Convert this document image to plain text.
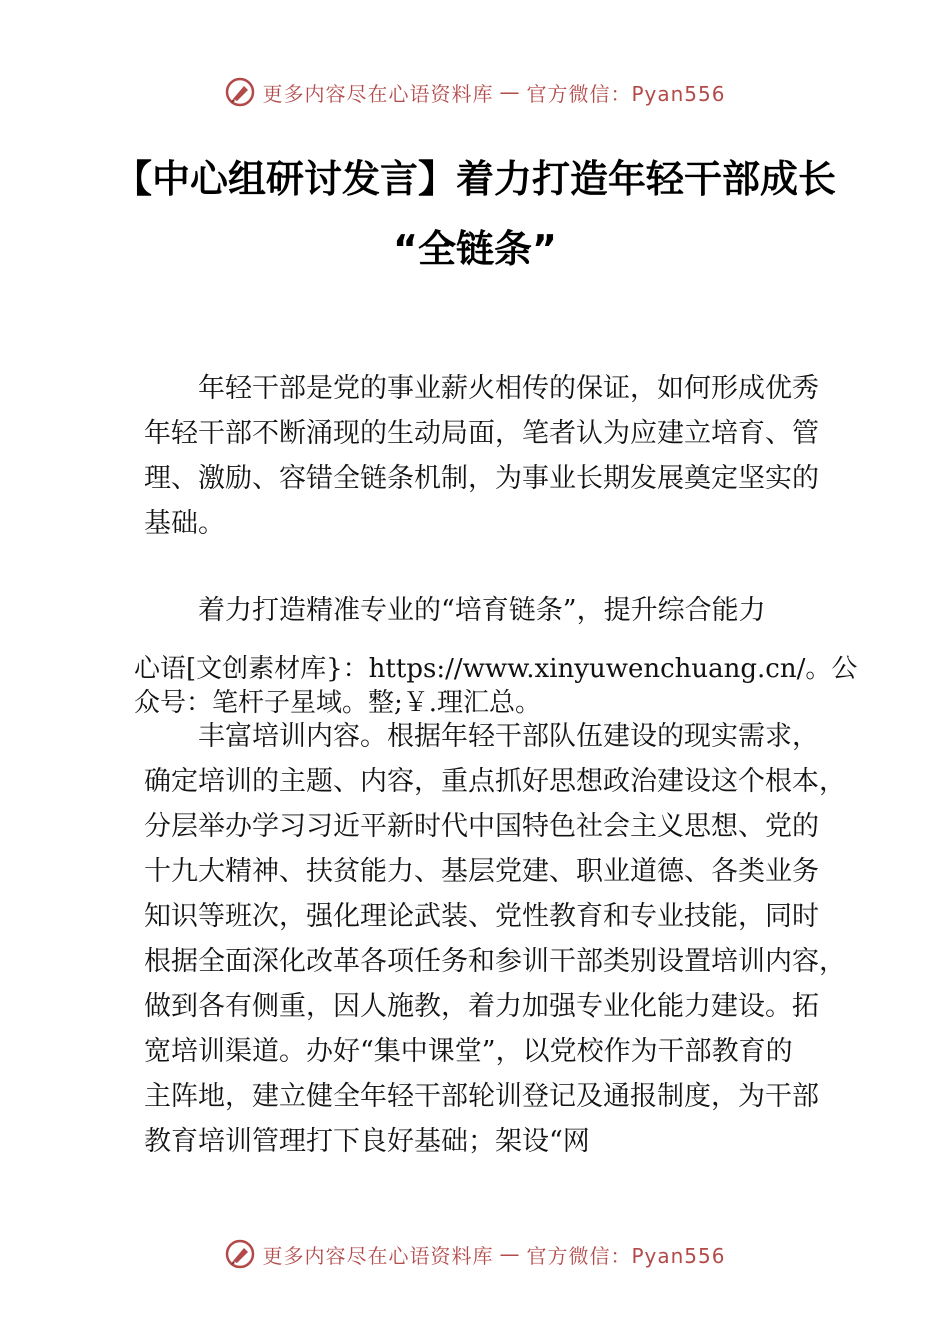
更多内容尽在心语资料库 — 官方微信：Pyan556
【中心组研讨发言】着力打造年轻干部成长
“全链条”
　　年轻干部是党的事业薪火相传的保证，如何形成优秀
年轻干部不断涌现的生动局面，笔者认为应建立培育、管
理、激励、容错全链条机制，为事业长期发展奠定坚实的
基础。
　　着力打造精准专业的“培育链条”，提升综合能力
心语[文创素材库}：https://www.xinyuwenchuang.cn/。公
众号：笔杆子星域。整;￥.理汇总。
　　丰富培训内容。根据年轻干部队伍建设的现实需求，
确定培训的主题、内容，重点抓好思想政治建设这个根本，
分层举办学习习近平新时代中国特色社会主义思想、党的
十九大精神、扶贫能力、基层党建、职业道德、各类业务
知识等班次，强化理论武装、党性教育和专业技能，同时
根据全面深化改革各项任务和参训干部类别设置培训内容，
做到各有侧重，因人施教，着力加强专业化能力建设。拓
宽培训渠道。办好“集中课堂”，以党校作为干部教育的
主阵地，建立健全年轻干部轮训登记及通报制度，为干部
教育培训管理打下良好基础；架设“网
更多内容尽在心语资料库 — 官方微信：Pyan556
